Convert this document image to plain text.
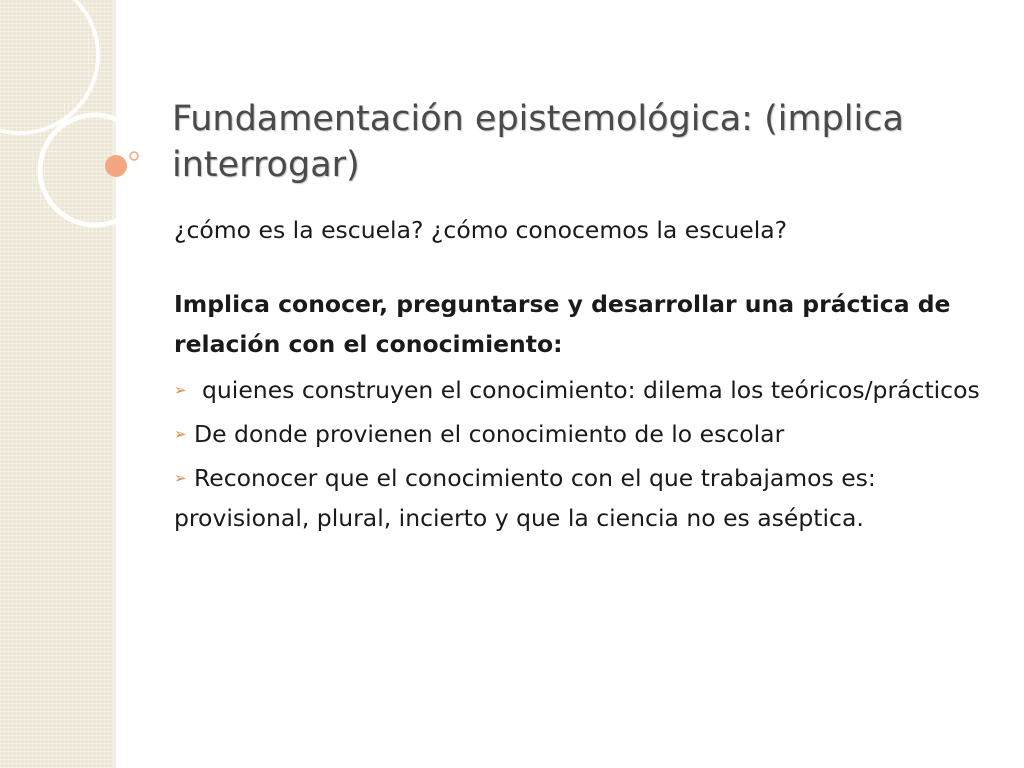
Fundamentación epistemológica: (implica interrogar)

¿cómo es la escuela? ¿cómo conocemos la escuela?

Implica conocer, preguntarse y desarrollar una práctica de relación con el conocimiento:

➢ quienes construyen el conocimiento: dilema los teóricos/prácticos

➢ De donde provienen el conocimiento de lo escolar

➢ Reconocer que el conocimiento con el que trabajamos es: provisional, plural, incierto y que la ciencia no es aséptica.
